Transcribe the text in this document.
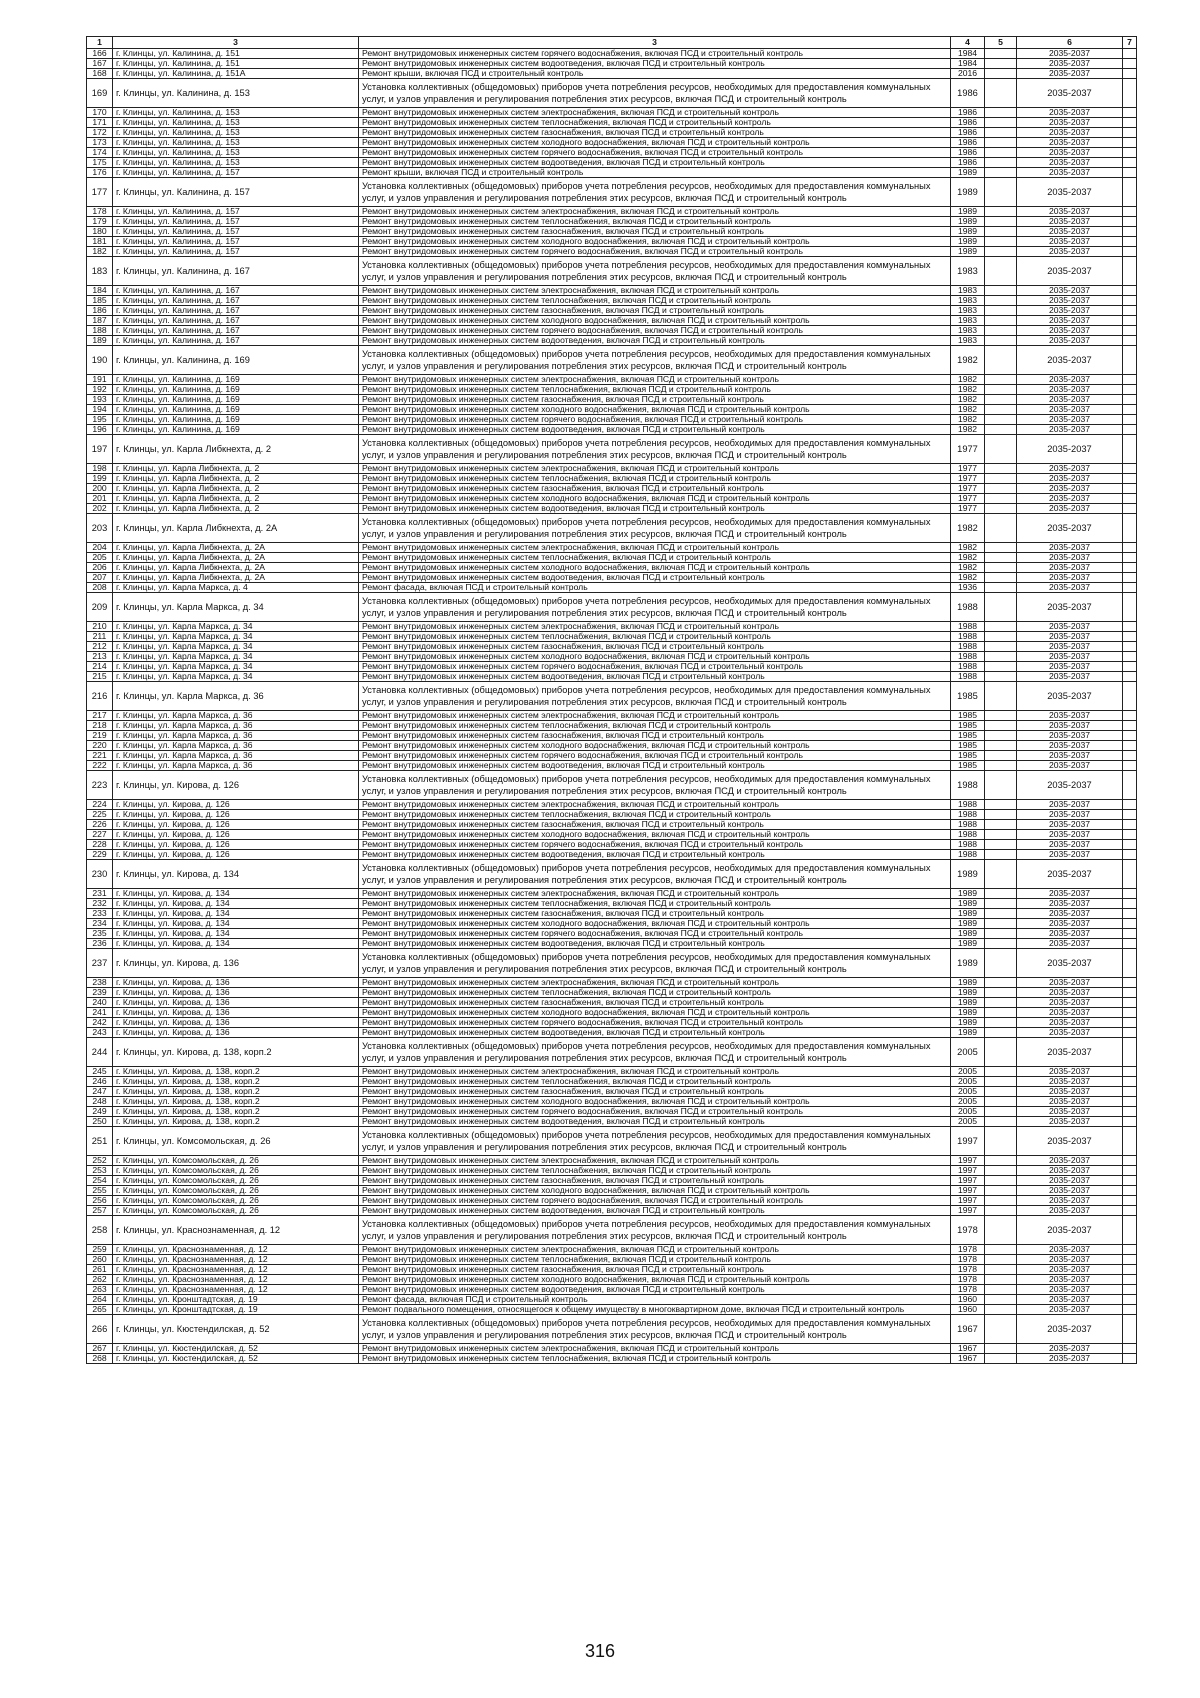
1	3	3	4	5	6	7
166	г. Клинцы, ул. Калинина, д. 151	Ремонт внутридомовых инженерных систем горячего водоснабжения, включая ПСД и строительный контроль	1984		2035-2037	
167	г. Клинцы, ул. Калинина, д. 151	Ремонт внутридомовых инженерных систем водоотведения, включая ПСД и строительный контроль	1984		2035-2037	
168	г. Клинцы, ул. Калинина, д. 151А	Ремонт крыши, включая ПСД и строительный контроль	2016		2035-2037	
169	г. Клинцы, ул. Калинина, д. 153	Установка коллективных (общедомовых) приборов учета потребления ресурсов, необходимых для предоставления коммунальных услуг, и узлов управления и регулирования потребления этих ресурсов, включая ПСД и строительный контроль	1986		2035-2037	
170	г. Клинцы, ул. Калинина, д. 153	Ремонт внутридомовых инженерных систем электроснабжения, включая ПСД и строительный контроль	1986		2035-2037	
171	г. Клинцы, ул. Калинина, д. 153	Ремонт внутридомовых инженерных систем теплоснабжения, включая ПСД и строительный контроль	1986		2035-2037	
172	г. Клинцы, ул. Калинина, д. 153	Ремонт внутридомовых инженерных систем газоснабжения, включая ПСД и строительный контроль	1986		2035-2037	
173	г. Клинцы, ул. Калинина, д. 153	Ремонт внутридомовых инженерных систем холодного водоснабжения, включая ПСД и строительный контроль	1986		2035-2037	
174	г. Клинцы, ул. Калинина, д. 153	Ремонт внутридомовых инженерных систем горячего водоснабжения, включая ПСД и строительный контроль	1986		2035-2037	
175	г. Клинцы, ул. Калинина, д. 153	Ремонт внутридомовых инженерных систем водоотведения, включая ПСД и строительный контроль	1986		2035-2037	
176	г. Клинцы, ул. Калинина, д. 157	Ремонт крыши, включая ПСД и строительный контроль	1989		2035-2037	
177	г. Клинцы, ул. Калинина, д. 157	Установка коллективных (общедомовых) приборов учета потребления ресурсов, необходимых для предоставления коммунальных услуг, и узлов управления и регулирования потребления этих ресурсов, включая ПСД и строительный контроль	1989		2035-2037	
178	г. Клинцы, ул. Калинина, д. 157	Ремонт внутридомовых инженерных систем электроснабжения, включая ПСД и строительный контроль	1989		2035-2037	
179	г. Клинцы, ул. Калинина, д. 157	Ремонт внутридомовых инженерных систем теплоснабжения, включая ПСД и строительный контроль	1989		2035-2037	
180	г. Клинцы, ул. Калинина, д. 157	Ремонт внутридомовых инженерных систем газоснабжения, включая ПСД и строительный контроль	1989		2035-2037	
181	г. Клинцы, ул. Калинина, д. 157	Ремонт внутридомовых инженерных систем холодного водоснабжения, включая ПСД и строительный контроль	1989		2035-2037	
182	г. Клинцы, ул. Калинина, д. 157	Ремонт внутридомовых инженерных систем горячего водоснабжения, включая ПСД и строительный контроль	1989		2035-2037	
183	г. Клинцы, ул. Калинина, д. 167	Установка коллективных (общедомовых) приборов учета потребления ресурсов, необходимых для предоставления коммунальных услуг, и узлов управления и регулирования потребления этих ресурсов, включая ПСД и строительный контроль	1983		2035-2037	
184	г. Клинцы, ул. Калинина, д. 167	Ремонт внутридомовых инженерных систем электроснабжения, включая ПСД и строительный контроль	1983		2035-2037	
185	г. Клинцы, ул. Калинина, д. 167	Ремонт внутридомовых инженерных систем теплоснабжения, включая ПСД и строительный контроль	1983		2035-2037	
186	г. Клинцы, ул. Калинина, д. 167	Ремонт внутридомовых инженерных систем газоснабжения, включая ПСД и строительный контроль	1983		2035-2037	
187	г. Клинцы, ул. Калинина, д. 167	Ремонт внутридомовых инженерных систем холодного водоснабжения, включая ПСД и строительный контроль	1983		2035-2037	
188	г. Клинцы, ул. Калинина, д. 167	Ремонт внутридомовых инженерных систем горячего водоснабжения, включая ПСД и строительный контроль	1983		2035-2037	
189	г. Клинцы, ул. Калинина, д. 167	Ремонт внутридомовых инженерных систем водоотведения, включая ПСД и строительный контроль	1983		2035-2037	
190	г. Клинцы, ул. Калинина, д. 169	Установка коллективных (общедомовых) приборов учета потребления ресурсов, необходимых для предоставления коммунальных услуг, и узлов управления и регулирования потребления этих ресурсов, включая ПСД и строительный контроль	1982		2035-2037	
191	г. Клинцы, ул. Калинина, д. 169	Ремонт внутридомовых инженерных систем электроснабжения, включая ПСД и строительный контроль	1982		2035-2037	
192	г. Клинцы, ул. Калинина, д. 169	Ремонт внутридомовых инженерных систем теплоснабжения, включая ПСД и строительный контроль	1982		2035-2037	
193	г. Клинцы, ул. Калинина, д. 169	Ремонт внутридомовых инженерных систем газоснабжения, включая ПСД и строительный контроль	1982		2035-2037	
194	г. Клинцы, ул. Калинина, д. 169	Ремонт внутридомовых инженерных систем холодного водоснабжения, включая ПСД и строительный контроль	1982		2035-2037	
195	г. Клинцы, ул. Калинина, д. 169	Ремонт внутридомовых инженерных систем горячего водоснабжения, включая ПСД и строительный контроль	1982		2035-2037	
196	г. Клинцы, ул. Калинина, д. 169	Ремонт внутридомовых инженерных систем водоотведения, включая ПСД и строительный контроль	1982		2035-2037	
197	г. Клинцы, ул. Карла Либкнехта, д. 2	Установка коллективных (общедомовых) приборов учета потребления ресурсов, необходимых для предоставления коммунальных услуг, и узлов управления и регулирования потребления этих ресурсов, включая ПСД и строительный контроль	1977		2035-2037	
198	г. Клинцы, ул. Карла Либкнехта, д. 2	Ремонт внутридомовых инженерных систем электроснабжения, включая ПСД и строительный контроль	1977		2035-2037	
199	г. Клинцы, ул. Карла Либкнехта, д. 2	Ремонт внутридомовых инженерных систем теплоснабжения, включая ПСД и строительный контроль	1977		2035-2037	
200	г. Клинцы, ул. Карла Либкнехта, д. 2	Ремонт внутридомовых инженерных систем газоснабжения, включая ПСД и строительный контроль	1977		2035-2037	
201	г. Клинцы, ул. Карла Либкнехта, д. 2	Ремонт внутридомовых инженерных систем холодного водоснабжения, включая ПСД и строительный контроль	1977		2035-2037	
202	г. Клинцы, ул. Карла Либкнехта, д. 2	Ремонт внутридомовых инженерных систем водоотведения, включая ПСД и строительный контроль	1977		2035-2037	
203	г. Клинцы, ул. Карла Либкнехта, д. 2А	Установка коллективных (общедомовых) приборов учета потребления ресурсов, необходимых для предоставления коммунальных услуг, и узлов управления и регулирования потребления этих ресурсов, включая ПСД и строительный контроль	1982		2035-2037	
204	г. Клинцы, ул. Карла Либкнехта, д. 2А	Ремонт внутридомовых инженерных систем электроснабжения, включая ПСД и строительный контроль	1982		2035-2037	
205	г. Клинцы, ул. Карла Либкнехта, д. 2А	Ремонт внутридомовых инженерных систем теплоснабжения, включая ПСД и строительный контроль	1982		2035-2037	
206	г. Клинцы, ул. Карла Либкнехта, д. 2А	Ремонт внутридомовых инженерных систем холодного водоснабжения, включая ПСД и строительный контроль	1982		2035-2037	
207	г. Клинцы, ул. Карла Либкнехта, д. 2А	Ремонт внутридомовых инженерных систем водоотведения, включая ПСД и строительный контроль	1982		2035-2037	
208	г. Клинцы, ул. Карла Маркса, д. 4	Ремонт фасада, включая ПСД и строительный контроль	1936		2035-2037	
209	г. Клинцы, ул. Карла Маркса, д. 34	Установка коллективных (общедомовых) приборов учета потребления ресурсов, необходимых для предоставления коммунальных услуг, и узлов управления и регулирования потребления этих ресурсов, включая ПСД и строительный контроль	1988		2035-2037	
210	г. Клинцы, ул. Карла Маркса, д. 34	Ремонт внутридомовых инженерных систем электроснабжения, включая ПСД и строительный контроль	1988		2035-2037	
211	г. Клинцы, ул. Карла Маркса, д. 34	Ремонт внутридомовых инженерных систем теплоснабжения, включая ПСД и строительный контроль	1988		2035-2037	
212	г. Клинцы, ул. Карла Маркса, д. 34	Ремонт внутридомовых инженерных систем газоснабжения, включая ПСД и строительный контроль	1988		2035-2037	
213	г. Клинцы, ул. Карла Маркса, д. 34	Ремонт внутридомовых инженерных систем холодного водоснабжения, включая ПСД и строительный контроль	1988		2035-2037	
214	г. Клинцы, ул. Карла Маркса, д. 34	Ремонт внутридомовых инженерных систем горячего водоснабжения, включая ПСД и строительный контроль	1988		2035-2037	
215	г. Клинцы, ул. Карла Маркса, д. 34	Ремонт внутридомовых инженерных систем водоотведения, включая ПСД и строительный контроль	1988		2035-2037	
216	г. Клинцы, ул. Карла Маркса, д. 36	Установка коллективных (общедомовых) приборов учета потребления ресурсов, необходимых для предоставления коммунальных услуг, и узлов управления и регулирования потребления этих ресурсов, включая ПСД и строительный контроль	1985		2035-2037	
217	г. Клинцы, ул. Карла Маркса, д. 36	Ремонт внутридомовых инженерных систем электроснабжения, включая ПСД и строительный контроль	1985		2035-2037	
218	г. Клинцы, ул. Карла Маркса, д. 36	Ремонт внутридомовых инженерных систем теплоснабжения, включая ПСД и строительный контроль	1985		2035-2037	
219	г. Клинцы, ул. Карла Маркса, д. 36	Ремонт внутридомовых инженерных систем газоснабжения, включая ПСД и строительный контроль	1985		2035-2037	
220	г. Клинцы, ул. Карла Маркса, д. 36	Ремонт внутридомовых инженерных систем холодного водоснабжения, включая ПСД и строительный контроль	1985		2035-2037	
221	г. Клинцы, ул. Карла Маркса, д. 36	Ремонт внутридомовых инженерных систем горячего водоснабжения, включая ПСД и строительный контроль	1985		2035-2037	
222	г. Клинцы, ул. Карла Маркса, д. 36	Ремонт внутридомовых инженерных систем водоотведения, включая ПСД и строительный контроль	1985		2035-2037	
223	г. Клинцы, ул. Кирова, д. 126	Установка коллективных (общедомовых) приборов учета потребления ресурсов, необходимых для предоставления коммунальных услуг, и узлов управления и регулирования потребления этих ресурсов, включая ПСД и строительный контроль	1988		2035-2037	
224	г. Клинцы, ул. Кирова, д. 126	Ремонт внутридомовых инженерных систем электроснабжения, включая ПСД и строительный контроль	1988		2035-2037	
225	г. Клинцы, ул. Кирова, д. 126	Ремонт внутридомовых инженерных систем теплоснабжения, включая ПСД и строительный контроль	1988		2035-2037	
226	г. Клинцы, ул. Кирова, д. 126	Ремонт внутридомовых инженерных систем газоснабжения, включая ПСД и строительный контроль	1988		2035-2037	
227	г. Клинцы, ул. Кирова, д. 126	Ремонт внутридомовых инженерных систем холодного водоснабжения, включая ПСД и строительный контроль	1988		2035-2037	
228	г. Клинцы, ул. Кирова, д. 126	Ремонт внутридомовых инженерных систем горячего водоснабжения, включая ПСД и строительный контроль	1988		2035-2037	
229	г. Клинцы, ул. Кирова, д. 126	Ремонт внутридомовых инженерных систем водоотведения, включая ПСД и строительный контроль	1988		2035-2037	
230	г. Клинцы, ул. Кирова, д. 134	Установка коллективных (общедомовых) приборов учета потребления ресурсов, необходимых для предоставления коммунальных услуг, и узлов управления и регулирования потребления этих ресурсов, включая ПСД и строительный контроль	1989		2035-2037	
231	г. Клинцы, ул. Кирова, д. 134	Ремонт внутридомовых инженерных систем электроснабжения, включая ПСД и строительный контроль	1989		2035-2037	
232	г. Клинцы, ул. Кирова, д. 134	Ремонт внутридомовых инженерных систем теплоснабжения, включая ПСД и строительный контроль	1989		2035-2037	
233	г. Клинцы, ул. Кирова, д. 134	Ремонт внутридомовых инженерных систем газоснабжения, включая ПСД и строительный контроль	1989		2035-2037	
234	г. Клинцы, ул. Кирова, д. 134	Ремонт внутридомовых инженерных систем холодного водоснабжения, включая ПСД и строительный контроль	1989		2035-2037	
235	г. Клинцы, ул. Кирова, д. 134	Ремонт внутридомовых инженерных систем горячего водоснабжения, включая ПСД и строительный контроль	1989		2035-2037	
236	г. Клинцы, ул. Кирова, д. 134	Ремонт внутридомовых инженерных систем водоотведения, включая ПСД и строительный контроль	1989		2035-2037	
237	г. Клинцы, ул. Кирова, д. 136	Установка коллективных (общедомовых) приборов учета потребления ресурсов, необходимых для предоставления коммунальных услуг, и узлов управления и регулирования потребления этих ресурсов, включая ПСД и строительный контроль	1989		2035-2037	
238	г. Клинцы, ул. Кирова, д. 136	Ремонт внутридомовых инженерных систем электроснабжения, включая ПСД и строительный контроль	1989		2035-2037	
239	г. Клинцы, ул. Кирова, д. 136	Ремонт внутридомовых инженерных систем теплоснабжения, включая ПСД и строительный контроль	1989		2035-2037	
240	г. Клинцы, ул. Кирова, д. 136	Ремонт внутридомовых инженерных систем газоснабжения, включая ПСД и строительный контроль	1989		2035-2037	
241	г. Клинцы, ул. Кирова, д. 136	Ремонт внутридомовых инженерных систем холодного водоснабжения, включая ПСД и строительный контроль	1989		2035-2037	
242	г. Клинцы, ул. Кирова, д. 136	Ремонт внутридомовых инженерных систем горячего водоснабжения, включая ПСД и строительный контроль	1989		2035-2037	
243	г. Клинцы, ул. Кирова, д. 136	Ремонт внутридомовых инженерных систем водоотведения, включая ПСД и строительный контроль	1989		2035-2037	
244	г. Клинцы, ул. Кирова, д. 138, корп.2	Установка коллективных (общедомовых) приборов учета потребления ресурсов, необходимых для предоставления коммунальных услуг, и узлов управления и регулирования потребления этих ресурсов, включая ПСД и строительный контроль	2005		2035-2037	
245	г. Клинцы, ул. Кирова, д. 138, корп.2	Ремонт внутридомовых инженерных систем электроснабжения, включая ПСД и строительный контроль	2005		2035-2037	
246	г. Клинцы, ул. Кирова, д. 138, корп.2	Ремонт внутридомовых инженерных систем теплоснабжения, включая ПСД и строительный контроль	2005		2035-2037	
247	г. Клинцы, ул. Кирова, д. 138, корп.2	Ремонт внутридомовых инженерных систем газоснабжения, включая ПСД и строительный контроль	2005		2035-2037	
248	г. Клинцы, ул. Кирова, д. 138, корп.2	Ремонт внутридомовых инженерных систем холодного водоснабжения, включая ПСД и строительный контроль	2005		2035-2037	
249	г. Клинцы, ул. Кирова, д. 138, корп.2	Ремонт внутридомовых инженерных систем горячего водоснабжения, включая ПСД и строительный контроль	2005		2035-2037	
250	г. Клинцы, ул. Кирова, д. 138, корп.2	Ремонт внутридомовых инженерных систем водоотведения, включая ПСД и строительный контроль	2005		2035-2037	
251	г. Клинцы, ул. Комсомольская, д. 26	Установка коллективных (общедомовых) приборов учета потребления ресурсов, необходимых для предоставления коммунальных услуг, и узлов управления и регулирования потребления этих ресурсов, включая ПСД и строительный контроль	1997		2035-2037	
252	г. Клинцы, ул. Комсомольская, д. 26	Ремонт внутридомовых инженерных систем электроснабжения, включая ПСД и строительный контроль	1997		2035-2037	
253	г. Клинцы, ул. Комсомольская, д. 26	Ремонт внутридомовых инженерных систем теплоснабжения, включая ПСД и строительный контроль	1997		2035-2037	
254	г. Клинцы, ул. Комсомольская, д. 26	Ремонт внутридомовых инженерных систем газоснабжения, включая ПСД и строительный контроль	1997		2035-2037	
255	г. Клинцы, ул. Комсомольская, д. 26	Ремонт внутридомовых инженерных систем холодного водоснабжения, включая ПСД и строительный контроль	1997		2035-2037	
256	г. Клинцы, ул. Комсомольская, д. 26	Ремонт внутридомовых инженерных систем горячего водоснабжения, включая ПСД и строительный контроль	1997		2035-2037	
257	г. Клинцы, ул. Комсомольская, д. 26	Ремонт внутридомовых инженерных систем водоотведения, включая ПСД и строительный контроль	1997		2035-2037	
258	г. Клинцы, ул. Краснознаменная, д. 12	Установка коллективных (общедомовых) приборов учета потребления ресурсов, необходимых для предоставления коммунальных услуг, и узлов управления и регулирования потребления этих ресурсов, включая ПСД и строительный контроль	1978		2035-2037	
259	г. Клинцы, ул. Краснознаменная, д. 12	Ремонт внутридомовых инженерных систем электроснабжения, включая ПСД и строительный контроль	1978		2035-2037	
260	г. Клинцы, ул. Краснознаменная, д. 12	Ремонт внутридомовых инженерных систем теплоснабжения, включая ПСД и строительный контроль	1978		2035-2037	
261	г. Клинцы, ул. Краснознаменная, д. 12	Ремонт внутридомовых инженерных систем газоснабжения, включая ПСД и строительный контроль	1978		2035-2037	
262	г. Клинцы, ул. Краснознаменная, д. 12	Ремонт внутридомовых инженерных систем холодного водоснабжения, включая ПСД и строительный контроль	1978		2035-2037	
263	г. Клинцы, ул. Краснознаменная, д. 12	Ремонт внутридомовых инженерных систем водоотведения, включая ПСД и строительный контроль	1978		2035-2037	
264	г. Клинцы, ул. Кронштадтская, д. 19	Ремонт фасада, включая ПСД и строительный контроль	1960		2035-2037	
265	г. Клинцы, ул. Кронштадтская, д. 19	Ремонт подвального помещения, относящегося к общему имуществу в многоквартирном доме, включая ПСД и строительный контроль	1960		2035-2037	
266	г. Клинцы, ул. Кюстендилская, д. 52	Установка коллективных (общедомовых) приборов учета потребления ресурсов, необходимых для предоставления коммунальных услуг, и узлов управления и регулирования потребления этих ресурсов, включая ПСД и строительный контроль	1967		2035-2037	
267	г. Клинцы, ул. Кюстендилская, д. 52	Ремонт внутридомовых инженерных систем электроснабжения, включая ПСД и строительный контроль	1967		2035-2037	
268	г. Клинцы, ул. Кюстендилская, д. 52	Ремонт внутридомовых инженерных систем теплоснабжения, включая ПСД и строительный контроль	1967		2035-2037	
316
